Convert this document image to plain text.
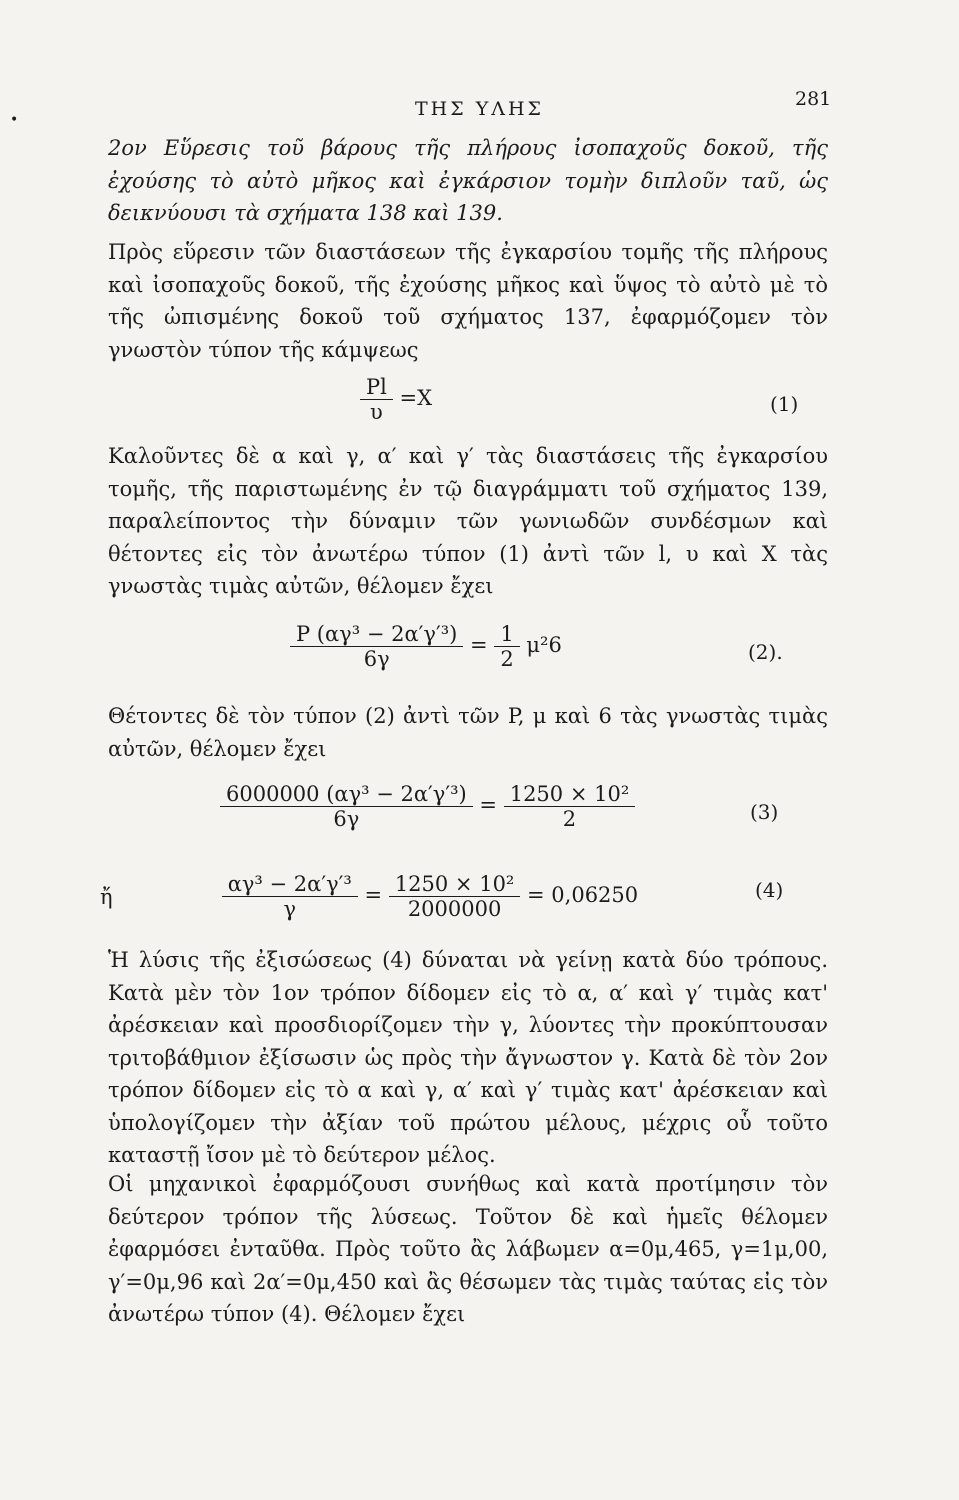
•	ΤΗΣ ΥΛΗΣ	281
2ον Εὕρεσις τοῦ βάρους τῆς πλήρους ἰσοπαχοῦς δοκοῦ, τῆς ἐχούσης τὸ αὐτὸ μῆκος καὶ ἐγκάρσιον τομὴν διπλοῦν ταῦ, ὡς δεικνύουσι τὰ σχήματα 138 καὶ 139.
Πρὸς εὕρεσιν τῶν διαστάσεων τῆς ἐγκαρσίου τομῆς τῆς πλήρους καὶ ἰσοπαχοῦς δοκοῦ, τῆς ἐχούσης μῆκος καὶ ὕψος τὸ αὐτὸ μὲ τὸ τῆς ὠπισμένης δοκοῦ τοῦ σχήματος 137, ἐφαρμόζομεν τὸν γνωστὸν τύπον τῆς κάμψεως
$\frac{Pl}{\upsilon} =X$	(1)
Καλοῦντες δὲ α καὶ γ, α′ καὶ γ′ τὰς διαστάσεις τῆς ἐγκαρσίου τομῆς, τῆς παριστωμένης ἐν τῷ διαγράμματι τοῦ σχήματος 139, παραλείποντος τὴν δύναμιν τῶν γωνιωδῶν συνδέσμων καὶ θέτοντες εἰς τὸν ἀνωτέρω τύπον (1) ἀντὶ τῶν l, υ καὶ X τὰς γνωστὰς τιμὰς αὐτῶν, θέλομεν ἔχει
$\frac{\text{P (αγ³ − 2α′γ′³)}}{6\gamma} = \frac{1}{2} \mu^26$	(2).
Θέτοντες δὲ τὸν τύπον (2) ἀντὶ τῶν P, μ καὶ 6 τὰς γνωστὰς τιμὰς αὐτῶν, θέλομεν ἔχει
$\frac{\text{6000000 (αγ³ − 2α′γ′³)}}{6\gamma} = \frac{\text{1250 × 10²}}{2}$	(3)
ἤ	$\frac{\text{αγ³ − 2α′γ′³}}{\gamma} = \frac{\text{1250 × 10²}}{2000000} = 0,06250$	(4)
Ἡ λύσις τῆς ἐξισώσεως (4) δύναται νὰ γείνῃ κατὰ δύο τρόπους. Κατὰ μὲν τὸν 1ον τρόπον δίδομεν εἰς τὸ α, α′ καὶ γ′ τιμὰς κατ' ἀρέσκειαν καὶ προσδιορίζομεν τὴν γ, λύοντες τὴν προκύπτουσαν τριτοβάθμιον ἐξίσωσιν ὡς πρὸς τὴν ἄγνωστον γ. Κατὰ δὲ τὸν 2ον τρόπον δίδομεν εἰς τὸ α καὶ γ, α′ καὶ γ′ τιμὰς κατ' ἀρέσκειαν καὶ ὑπολογίζομεν τὴν ἀξίαν τοῦ πρώτου μέλους, μέχρις οὗ τοῦτο καταστῇ ἴσον μὲ τὸ δεύτερον μέλος.
Οἱ μηχανικοὶ ἐφαρμόζουσι συνήθως καὶ κατὰ προτίμησιν τὸν δεύτερον τρόπον τῆς λύσεως. Τοῦτον δὲ καὶ ἡμεῖς θέλομεν ἐφαρμόσει ἐνταῦθα. Πρὸς τοῦτο ἂς λάβωμεν α=0μ,465, γ=1μ,00, γ′=0μ,96 καὶ 2α′=0μ,450 καὶ ἂς θέσωμεν τὰς τιμὰς ταύτας εἰς τὸν ἀνωτέρω τύπον (4). Θέλομεν ἔχει
